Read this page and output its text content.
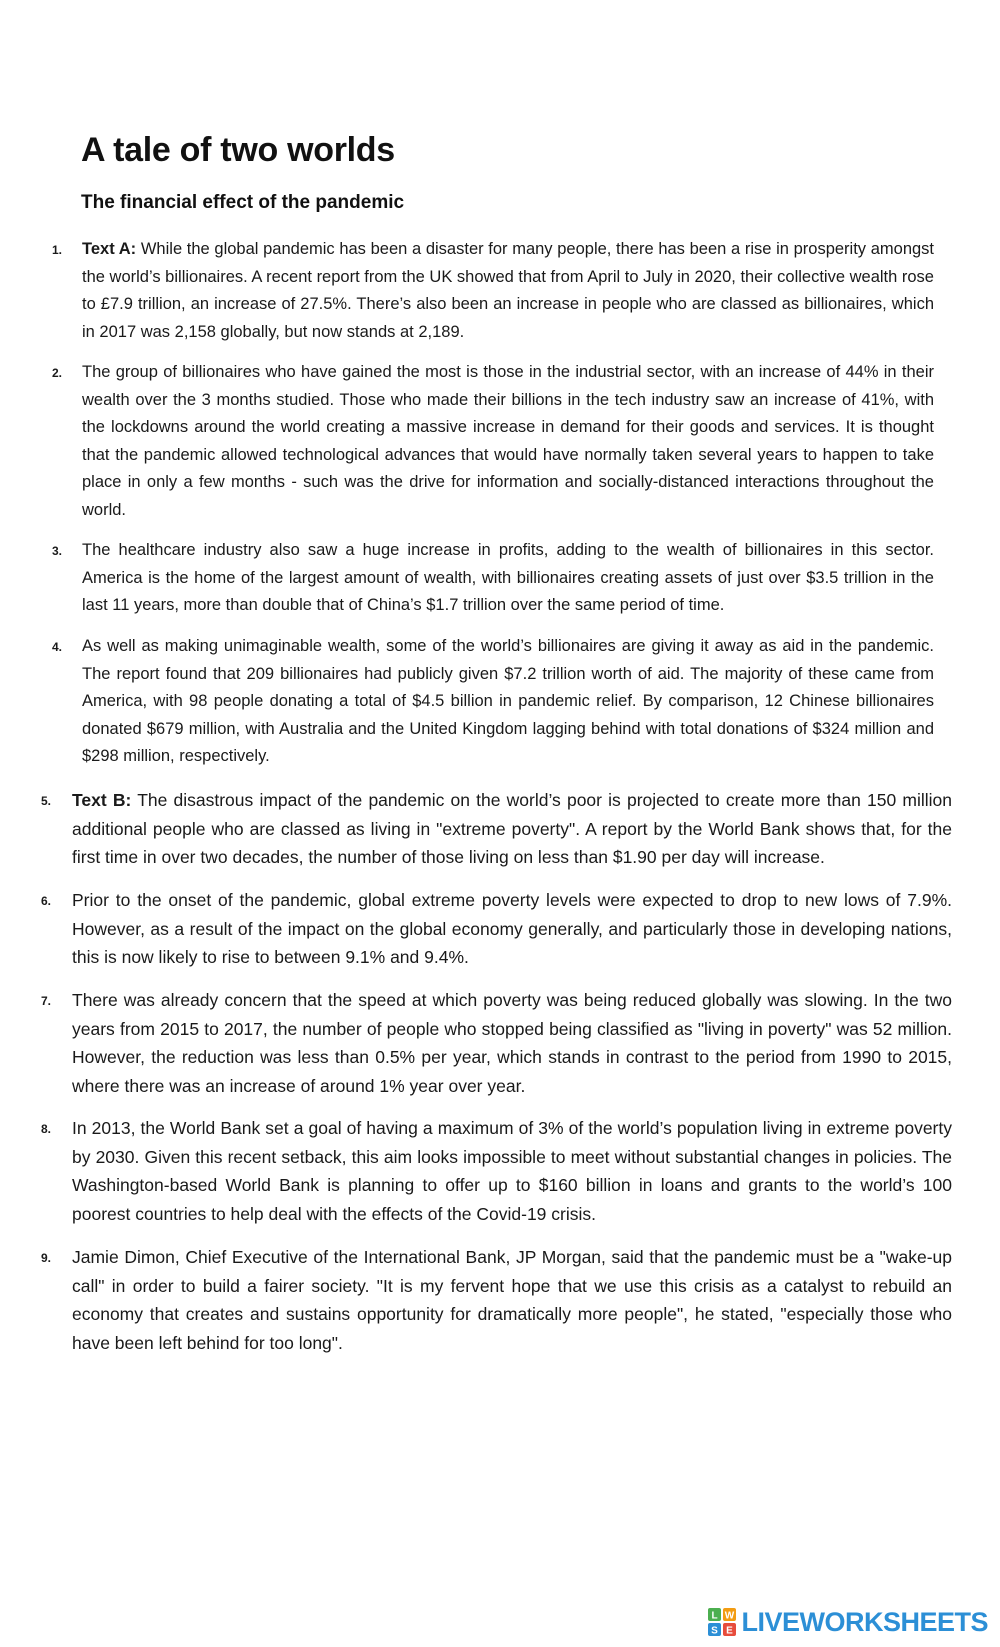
A tale of two worlds
The financial effect of the pandemic

1. Text A: While the global pandemic has been a disaster for many people, there has been a rise in prosperity amongst the world’s billionaires. A recent report from the UK showed that from April to July in 2020, their collective wealth rose to £7.9 trillion, an increase of 27.5%. There’s also been an increase in people who are classed as billionaires, which in 2017 was 2,158 globally, but now stands at 2,189.

2. The group of billionaires who have gained the most is those in the industrial sector, with an increase of 44% in their wealth over the 3 months studied. Those who made their billions in the tech industry saw an increase of 41%, with the lockdowns around the world creating a massive increase in demand for their goods and services. It is thought that the pandemic allowed technological advances that would have normally taken several years to happen to take place in only a few months - such was the drive for information and socially-distanced interactions throughout the world.

3. The healthcare industry also saw a huge increase in profits, adding to the wealth of billionaires in this sector. America is the home of the largest amount of wealth, with billionaires creating assets of just over $3.5 trillion in the last 11 years, more than double that of China’s $1.7 trillion over the same period of time.

4. As well as making unimaginable wealth, some of the world’s billionaires are giving it away as aid in the pandemic. The report found that 209 billionaires had publicly given $7.2 trillion worth of aid. The majority of these came from America, with 98 people donating a total of $4.5 billion in pandemic relief. By comparison, 12 Chinese billionaires donated $679 million, with Australia and the United Kingdom lagging behind with total donations of $324 million and $298 million, respectively.

5. Text B: The disastrous impact of the pandemic on the world’s poor is projected to create more than 150 million additional people who are classed as living in "extreme poverty". A report by the World Bank shows that, for the first time in over two decades, the number of those living on less than $1.90 per day will increase.

6. Prior to the onset of the pandemic, global extreme poverty levels were expected to drop to new lows of 7.9%. However, as a result of the impact on the global economy generally, and particularly those in developing nations, this is now likely to rise to between 9.1% and 9.4%.

7. There was already concern that the speed at which poverty was being reduced globally was slowing. In the two years from 2015 to 2017, the number of people who stopped being classified as "living in poverty" was 52 million. However, the reduction was less than 0.5% per year, which stands in contrast to the period from 1990 to 2015, where there was an increase of around 1% year over year.

8. In 2013, the World Bank set a goal of having a maximum of 3% of the world’s population living in extreme poverty by 2030. Given this recent setback, this aim looks impossible to meet without substantial changes in policies. The Washington-based World Bank is planning to offer up to $160 billion in loans and grants to the world’s 100 poorest countries to help deal with the effects of the Covid-19 crisis.

9. Jamie Dimon, Chief Executive of the International Bank, JP Morgan, said that the pandemic must be a "wake-up call" in order to build a fairer society. "It is my fervent hope that we use this crisis as a catalyst to rebuild an economy that creates and sustains opportunity for dramatically more people", he stated, "especially those who have been left behind for too long".

L W
S E LIVEWORKSHEETS
